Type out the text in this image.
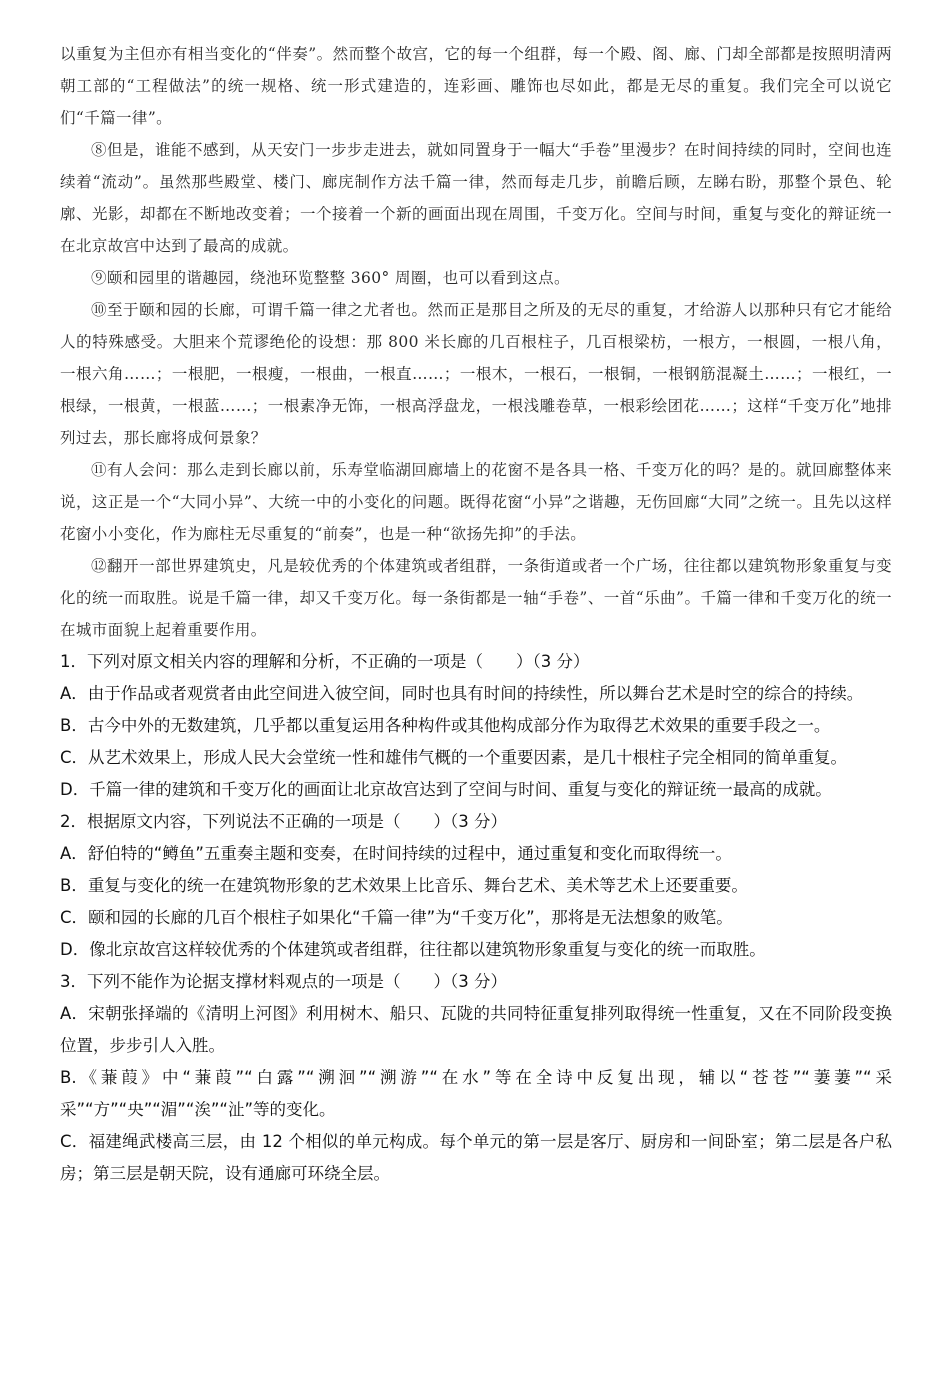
以重复为主但亦有相当变化的“伴奏”。然而整个故宫，它的每一个组群，每一个殿、阁、廊、门却全部都是按照明清两朝工部的“工程做法”的统一规格、统一形式建造的，连彩画、雕饰也尽如此，都是无尽的重复。我们完全可以说它们“千篇一律”。

⑧但是，谁能不感到，从天安门一步步走进去，就如同置身于一幅大“手卷”里漫步？在时间持续的同时，空间也连续着“流动”。虽然那些殿堂、楼门、廊庑制作方法千篇一律，然而每走几步，前瞻后顾，左睇右盼，那整个景色、轮廓、光影，却都在不断地改变着；一个接着一个新的画面出现在周围，千变万化。空间与时间，重复与变化的辩证统一在北京故宫中达到了最高的成就。

⑨颐和园里的谐趣园，绕池环览整整 360° 周圈，也可以看到这点。

⑩至于颐和园的长廊，可谓千篇一律之尤者也。然而正是那目之所及的无尽的重复，才给游人以那种只有它才能给人的特殊感受。大胆来个荒谬绝伦的设想：那 800 米长廊的几百根柱子，几百根梁枋，一根方，一根圆，一根八角，一根六角……；一根肥，一根瘦，一根曲，一根直……；一根木，一根石，一根铜，一根钢筋混凝土……；一根红，一根绿，一根黄，一根蓝……；一根素净无饰，一根高浮盘龙，一根浅雕卷草，一根彩绘团花……；这样“千变万化”地排列过去，那长廊将成何景象？

⑪有人会问：那么走到长廊以前，乐寿堂临湖回廊墙上的花窗不是各具一格、千变万化的吗？是的。就回廊整体来说，这正是一个“大同小异”、大统一中的小变化的问题。既得花窗“小异”之谐趣，无伤回廊“大同”之统一。且先以这样花窗小小变化，作为廊柱无尽重复的“前奏”，也是一种“欲扬先抑”的手法。

⑫翻开一部世界建筑史，凡是较优秀的个体建筑或者组群，一条街道或者一个广场，往往都以建筑物形象重复与变化的统一而取胜。说是千篇一律，却又千变万化。每一条街都是一轴“手卷”、一首“乐曲”。千篇一律和千变万化的统一在城市面貌上起着重要作用。

1．下列对原文相关内容的理解和分析，不正确的一项是（　　）（3 分）

A．由于作品或者观赏者由此空间进入彼空间，同时也具有时间的持续性，所以舞台艺术是时空的综合的持续。

B．古今中外的无数建筑，几乎都以重复运用各种构件或其他构成部分作为取得艺术效果的重要手段之一。

C．从艺术效果上，形成人民大会堂统一性和雄伟气概的一个重要因素，是几十根柱子完全相同的简单重复。

D．千篇一律的建筑和千变万化的画面让北京故宫达到了空间与时间、重复与变化的辩证统一最高的成就。

2．根据原文内容，下列说法不正确的一项是（　　）（3 分）

A．舒伯特的“鳟鱼”五重奏主题和变奏，在时间持续的过程中，通过重复和变化而取得统一。

B．重复与变化的统一在建筑物形象的艺术效果上比音乐、舞台艺术、美术等艺术上还要重要。

C．颐和园的长廊的几百个根柱子如果化“千篇一律”为“千变万化”，那将是无法想象的败笔。

D．像北京故宫这样较优秀的个体建筑或者组群，往往都以建筑物形象重复与变化的统一而取胜。

3．下列不能作为论据支撑材料观点的一项是（　　）（3 分）

A．宋朝张择端的《清明上河图》利用树木、船只、瓦陇的共同特征重复排列取得统一性重复，又在不同阶段变换位置，步步引人入胜。

B.《蒹葭》中“蒹葭”“白露”“溯洄”“溯游”“在水”等在全诗中反复出现，辅以“苍苍”“萋萋”“采采”“方”“央”“湄”“涘”“沚”等的变化。

C．福建绳武楼高三层，由 12 个相似的单元构成。每个单元的第一层是客厅、厨房和一间卧室；第二层是各户私房；第三层是朝天院，设有通廊可环绕全层。
